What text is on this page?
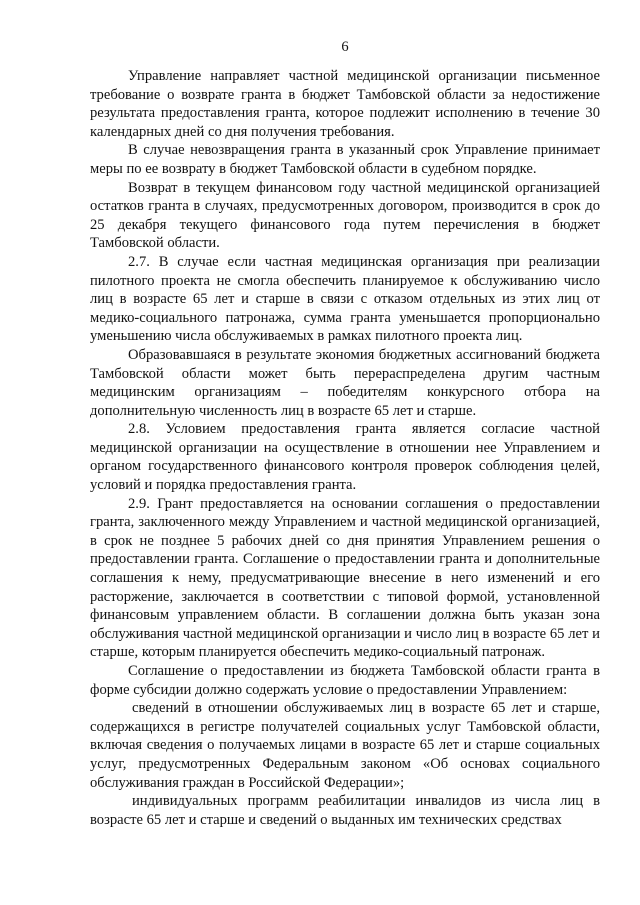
6

Управление направляет частной медицинской организации письменное требование о возврате гранта в бюджет Тамбовской области за недостижение результата предоставления гранта, которое подлежит исполнению в течение 30 календарных дней со дня получения требования.

В случае невозвращения гранта в указанный срок Управление принимает меры по ее возврату в бюджет Тамбовской области в судебном порядке.

Возврат в текущем финансовом году частной медицинской организацией остатков гранта в случаях, предусмотренных договором, производится в срок до 25 декабря текущего финансового года путем перечисления в бюджет Тамбовской области.

2.7. В случае если частная медицинская организация при реализации пилотного проекта не смогла обеспечить планируемое к обслуживанию число лиц в возрасте 65 лет и старше в связи с отказом отдельных из этих лиц от медико-социального патронажа, сумма гранта уменьшается пропорционально уменьшению числа обслуживаемых в рамках пилотного проекта лиц.

Образовавшаяся в результате экономия бюджетных ассигнований бюджета Тамбовской области может быть перераспределена другим частным медицинским организациям – победителям конкурсного отбора на дополнительную численность лиц в возрасте 65 лет и старше.

2.8. Условием предоставления гранта является согласие частной медицинской организации на осуществление в отношении нее Управлением и органом государственного финансового контроля проверок соблюдения целей, условий и порядка предоставления гранта.

2.9. Грант предоставляется на основании соглашения о предоставлении гранта, заключенного между Управлением и частной медицинской организацией, в срок не позднее 5 рабочих дней со дня принятия Управлением решения о предоставлении гранта. Соглашение о предоставлении гранта и дополнительные соглашения к нему, предусматривающие внесение в него изменений и его расторжение, заключается в соответствии с типовой формой, установленной финансовым управлением области. В соглашении должна быть указан зона обслуживания частной медицинской организации и число лиц в возрасте 65 лет и старше, которым планируется обеспечить медико-социальный патронаж.

Соглашение о предоставлении из бюджета Тамбовской области гранта в форме субсидии должно содержать условие о предоставлении Управлением:

сведений в отношении обслуживаемых лиц в возрасте 65 лет и старше, содержащихся в регистре получателей социальных услуг Тамбовской области, включая сведения о получаемых лицами в возрасте 65 лет и старше социальных услуг, предусмотренных Федеральным законом «Об основах социального обслуживания граждан в Российской Федерации»;

индивидуальных программ реабилитации инвалидов из числа лиц в возрасте 65 лет и старше и сведений о выданных им технических средствах
